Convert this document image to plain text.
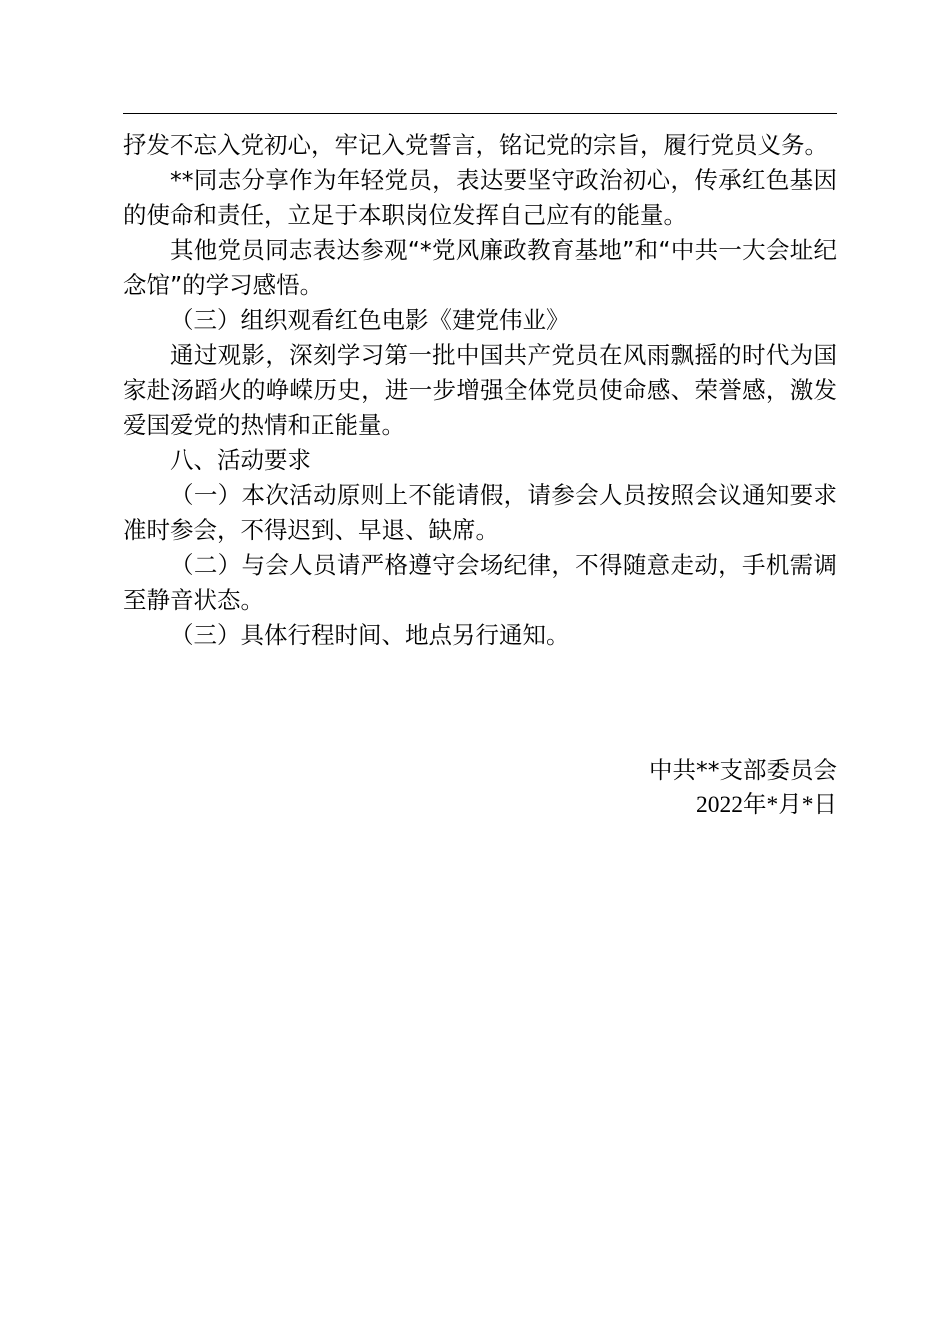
抒发不忘入党初心，牢记入党誓言，铭记党的宗旨，履行党员义务。

**同志分享作为年轻党员，表达要坚守政治初心，传承红色基因的使命和责任，立足于本职岗位发挥自己应有的能量。

其他党员同志表达参观“*党风廉政教育基地”和“中共一大会址纪念馆”的学习感悟。

（三）组织观看红色电影《建党伟业》

通过观影，深刻学习第一批中国共产党员在风雨飘摇的时代为国家赴汤蹈火的峥嵘历史，进一步增强全体党员使命感、荣誉感，激发爱国爱党的热情和正能量。

八、活动要求

（一）本次活动原则上不能请假，请参会人员按照会议通知要求准时参会，不得迟到、早退、缺席。

（二）与会人员请严格遵守会场纪律，不得随意走动，手机需调至静音状态。

（三）具体行程时间、地点另行通知。

中共**支部委员会
2022年*月*日
